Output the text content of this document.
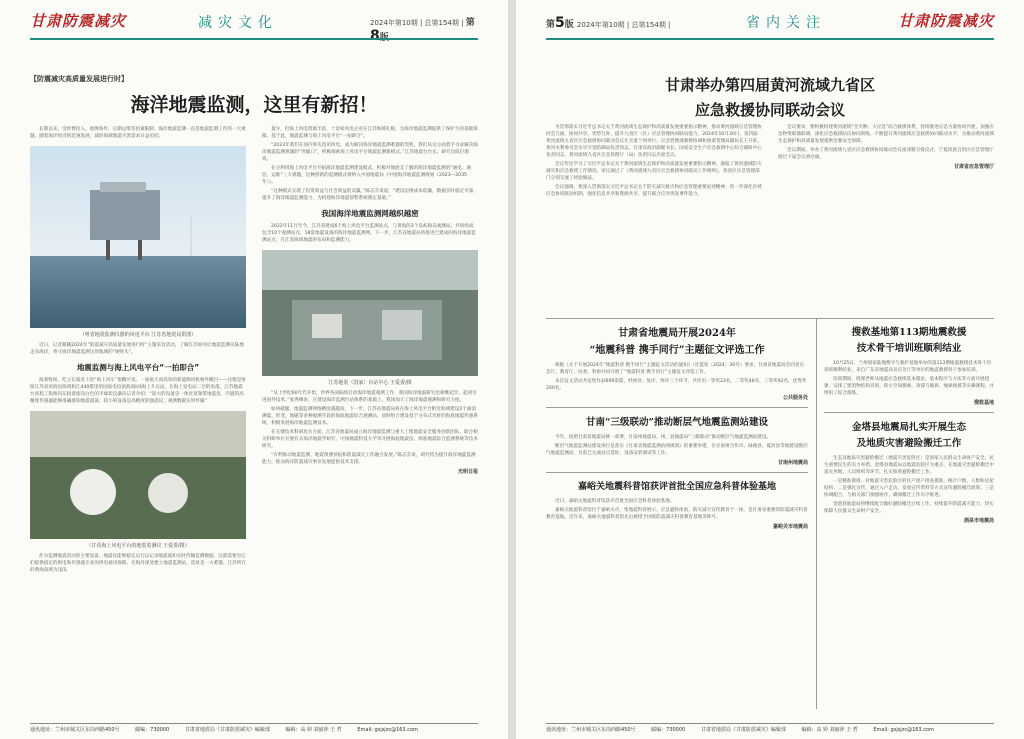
甘肃防震减灾	减灾文化	2024年第10期 | 总第154期 | 第8版
【防震减灾高质量发展进行时】
海洋地震监测，这里有新招！

长期以来，受经费投入、观测条件、后期运维等因素限制，海洋地震监测一直是地震监测工作的一大难题。随着海洋经济的迅速发展，减轻海域地震灾害需求日益迫切。

（粤省地震监测仪器的风电平台 江苏省地震局供图）

近日，记者跟随2024年“防震减灾高质量发展进行时”主题采访活动，了解江苏如何让地震监测从陆地走向海洋，将守海洋地震监测这块地域的“硬骨头”。

地震监测与海上风电平台“一拍即合”

海葵牧场，吃立在波涛上的“海上风车”很醒可见。一座座大而高耸的新能源风机格外醒目——这便是射阳江苏省滨海县海域和江440塔里的国家电投滨海南H3海上升压站。在海上发电站二层的角落，江苏地震台高程工程师向东指着面向白色的半球状仪器向记者介绍：“较大的设备是一体化宽频带地震仪，内置的高精度传感器能够准确感知地震震荡；较小的设备是高精度的强震仪。观测数据实时传输”

（甘孜海上风电平台的地震监测仪 王爱委/摄）

作为监测地震活动的主要设备，地震仪能够稳定运行以记录地震波和实时传输监测数据。这就需要为它们提供稳定的供电和传感器专业的供电通讯保障。在海洋深处建立地震监测站，选址是一大难题。江苏所在的黄海南域为浅浅

量少，但海上风电资源丰富，十余家风电企业在江苏海域扎根，为海洋地震监测提供了保护力的基础保障。基于此，地震监测与海上风电平台“一拍即合”。

“2023年我们在国内率先选用风电，成为解决海洋地震监测难题的契机，我们从这方面着手寻求解决海洋地震监测难题的“突破口”，积极探索海上风电平台地震监测新模式。”江苏地震台台长、研究员陈巨源说。

在分利用海上风电平台开拓海洋地震监测建设模式，积极对地展支了解的海洋地震监测的“通电、通信、运维”三大难题，这种创新的监测模式被纳入中国地震局《中国海洋地震监测规划（2023—2035年）》。

“这种模式实现了投资效益与社会效益的双赢。”陈志芬说道，“建设运维成本低廉，数据实时稳定可靠，提升了海洋地震监测能力，为构建海洋地震预警系统奠定基础。”

我国海洋地震监测网越织越密

2022年11月至今，江苏省建成6个海上风电平台监测站点，与黄海的3个岛屿海岛观测站，共同组成包含10个观测站点，18套地震设备的海洋地震监测网。下一步，江苏省地震局将推进已建成的海洋地震监测站点，在江苏海域地震的布局和监测能力。

江苏地震（国家）台站中心 王爱委/摄

“从上世纪60年代开始，世界各国陆续启动海洋地震观测工作，我国海洋地震研究也相继起步，起初引进国外技术。”张秀峰说，在建设海洋监测台站体系的基础上，我国加大了海洋地震观测和研究力度。

如何破题，地震监测网络精度越越高。下一步，江苏省地震局将在海上风电平台附近海域建设2个涌浪测震、形变、地磁等多种观测手段的海底地震综合观测站，同时组合建设基于分布式光纤的海底地震传感系统，积极发展海洋地震监测技术。

在关键技术科研攻关方面，江苏省地震局成立海洋地震监测与重大工程地震安全服务创新团队，联合相关科研单位开展有关海洋地震学研究，中国地震科技大学等开展海底地震仪、海底地震综合监测系统等技术研究。

“有利推动地震监测、地震预测预报和防震减灾工作融合发展。”陈志芬说，研究将为提升海洋地震监测能力，推动海洋防震减灾事业发展提供技术支撑。

光明日报
通讯地址：兰州市城关区东岗西路450号	邮编：730000	甘肃省地震局《甘肃防震减灾》编辑部	编辑：高 婷 刘丽萍 王 哲	Email: gsjsjzc@163.com
第5版 2024年第10期 | 总第154期 |	省内关注	甘肃防震减灾
甘肃举办第四届黄河流域九省区
应急救援协同联动会议

为贯彻落实习近平总书记关于黄河流域生态保护和高质量发展重要指示精神，推动黄河流域应急管理协同会互通，协同共享，优势互补，提升九省区（区）应急管理协同联动能力，2024年10月30日，第四届黄河流域九省区应急救援协同联动会议在甘肃兰州举行。应急管理部救援协调和预案管理局副局长王开旺、黄河水利委员会水旱灾害防御局负责同志，甘肃省政府副秘书长、国家安全生产应急救援中心综合调研中心负责同志，黄河流域九省区应急管理厅（局）负责同志出席会议。

会议传达学习了习近平总书记关于黄河流域生态保护和高质量发展重要指示精神，通报了黄河流域防灾减灾和应急救援工作情况，审议通过了《黄河流域九省区应急救援协同联动工作规则》，各省区应急管理部门分别交流了经验做法。

会议强调，要深入贯彻落实习近平总书记关于防灾减灾救灾和应急管理重要论述精神，进一步深化区域应急协同联动机制，强化信息共享和资源共享，提升联合应对突发事件能力。

会议要求，要积极构建黄河流域“全灾种、大应急”综合救援体系，持续推进应急力量协同共建，加强应急物资联储联调，深化应急救援队伍协同训练，不断提升黄河流域应急救援协同联动水平，为推动黄河流域生态保护和高质量发展提供坚强安全保障。

会议期间，举办了黄河流域九省区应急救援协同联动会议座谈暨交接仪式，宁夏回族自治区应急管理厅接过下届会议承办旗。

甘肃省应急管理厅
甘肃省地震局开展2024年
“地震科普 携手同行”主题征文评选工作

根据《关于开展2024年“地震科普 携手同行”主题征文活动的通知》（甘震发〔2024〕30号）要求，甘肃省地震局会同省应急厅、教育厅、民委、科协共同开展了“地震科普 携手同行”主题征文评选工作。

本次征文活动共征集作品600余篇，经初评、复评、终评三个环节，共评出一等奖23名，二等奖46名，三等奖92名，优秀奖200名。

公共服务处
甘南“三级联动”推动断层气地震监测站建设

今年，按照甘肃省地震局统一部署，甘南州地震局、州、县地震局“三级联动”推动断层气地震监测站建设。

断层气地震监测站建设项目是落实《甘肃省地震监测站网规划》的重要举措，在甘南州合作市、碌曲县、夏河县等地建设断层气地震监测站，目前已完成站点选址、设备安装调试等工作。

甘南州地震局
嘉峪关地震科普馆获评首批全国应急科普体验基地

近日，嘉峪关地震科普馆获评首批全国应急科普体验基地。

嘉峪关地震科普馆位于嘉峪关市，集地震科普展示、应急避险体验、防灾减灾宣传教育于一体，是甘肃省重要的防震减灾科普教育基地。近年来，嘉峪关地震科普馆先后被授予国家防震减灾科普教育基地等称号。

嘉峪关市地震局
搜救基地第113期地震救援
技术骨干培训班顺利结业

10月25日，兰州国家陆地搜寻与救护基地举办的第113期地震救援技术骨干培训班顺利结业，来自广东省地震局及应急厅等单位的地震救援骨干参加培训。

培训期间，授课老师从地震应急救援基本理论、基本程序与方法等方面开展授课，安排了建筑物结构识别、狭小空间搜索、顶撑与破拆、绳索救援等实操课程，并组织了综合演练。

搜救基地
金塔县地震局扎实开展生态
及地质灾害避险搬迁工作

生态及地质灾害避险搬迁（地震灾害危险区）是国家人民群众生命财产安全、民生重要民生的有力举措。金塔县地震局以地震危险区为重点，在地震灾害避险搬迁中落实用地、人员组织等环节，扎实推进避险搬迁工作。

一是精准摸排，对地震灾害危险区的住户逐户排查摸底，统计户数、人数和房屋结构；二是强化宣传，通过入户走访、发放宣传资料等方式宣传避险搬迁政策；三是协调配合，与相关部门加强协作，确保搬迁工作有序推进。

金塔县地震局将继续配合做好避险搬迁后续工作，持续提升防震减灾能力，切实保障人民群众生命财产安全。

酒泉市地震局
通讯地址：兰州市城关区东岗西路450号	邮编：730000	甘肃省地震局《甘肃防震减灾》编辑部	编辑：高 婷 刘丽萍 王 哲	Email: gsjsjzc@163.com
